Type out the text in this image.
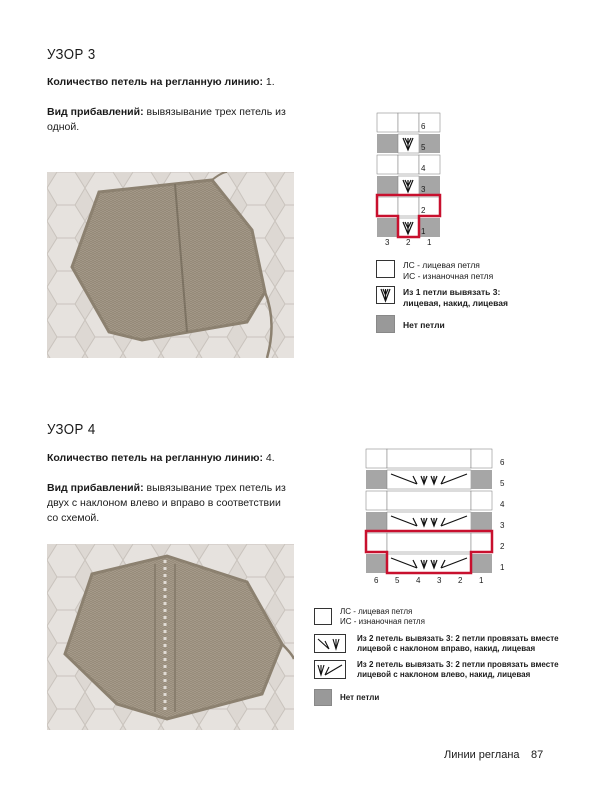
УЗОР 3
Количество петель на регланную линию: 1.
Вид прибавлений: вывязывание трех петель из
одной.	6
5
4
3
2
1
3 2 1
ЛС - лицевая петля
ИС - изнаночная петля
Из 1 петли вывязать 3:
лицевая, накид, лицевая
Нет петли
УЗОР 4
Количество петель на регланную линию: 4.
Вид прибавлений: вывязывание трех петель из
двух с наклоном влево и вправо в соответствии
со схемой.
6
5
4
3
2
1
6 5 4 3 2 1
ЛС - лицевая петля
ИС - изнаночная петля
Из 2 петель вывязать 3: 2 петли провязать вместе
лицевой с наклоном вправо, накид, лицевая
Из 2 петель вывязать 3: 2 петли провязать вместе
лицевой с наклоном влево, накид, лицевая
Нет петли
Линии реглана 87
PassionForum.ru
